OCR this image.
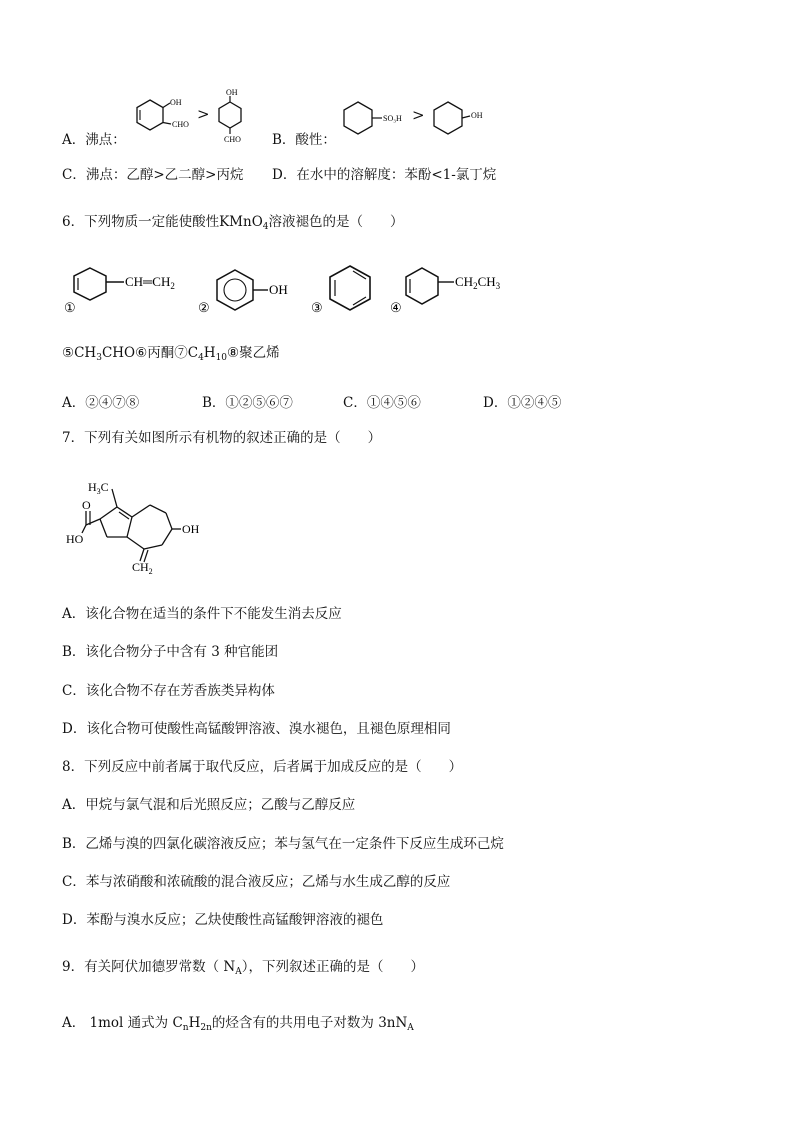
A．沸点：
OH
CHO
OH
CHO
>
B．酸性：
SO₃H	OH
>
C．沸点：乙醇>乙二醇>丙烷 D．在水中的溶解度：苯酚<1-氯丁烷
6．下列物质一定能使酸性KMnO$_4$溶液褪色的是（　　）
①
$CH═CH_2$
②
OH
③	④
$CH_2CH_3$
$⑤CH_3CHO⑥$丙酮$⑦C_4H_{10}⑧$聚乙烯
A．②④⑦⑧	B．①②⑤⑥⑦	C．①④⑤⑥	D．①②④⑤
7．下列有关如图所示有机物的叙述正确的是（　　）
$H_3C$
OH
$CH_2$
O
HO
A．该化合物在适当的条件下不能发生消去反应
B．该化合物分子中含有 3 种官能团
C．该化合物不存在芳香族类异构体
D．该化合物可使酸性高锰酸钾溶液、溴水褪色，且褪色原理相同
8．下列反应中前者属于取代反应，后者属于加成反应的是（　　）
A．甲烷与氯气混和后光照反应；乙酸与乙醇反应
B．乙烯与溴的四氯化碳溶液反应；苯与氢气在一定条件下反应生成环己烷
C．苯与浓硝酸和浓硫酸的混合液反应；乙烯与水生成乙醇的反应
D．苯酚与溴水反应；乙炔使酸性高锰酸钾溶液的褪色
9．有关阿伏加德罗常数（ $N_A$），下列叙述正确的是（　　）
A． 1mol 通式为 $C_nH_{2n}$的烃含有的共用电子对数为 $3nN_A$
